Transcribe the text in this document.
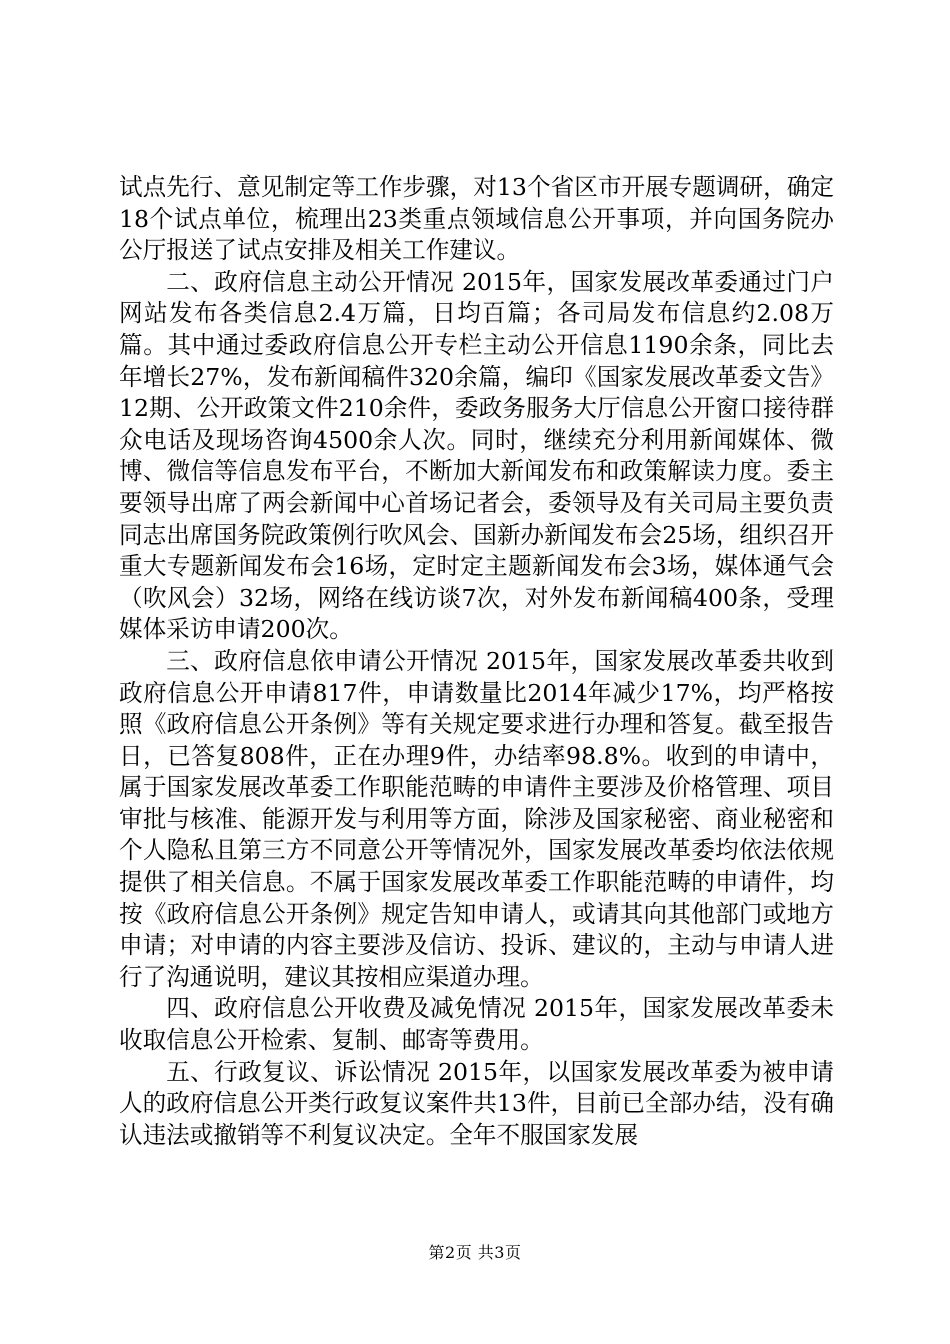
试点先行、意见制定等工作步骤，对13个省区市开展专题调研，确定18个试点单位，梳理出23类重点领域信息公开事项，并向国务院办公厅报送了试点安排及相关工作建议。

二、政府信息主动公开情况 2015年，国家发展改革委通过门户网站发布各类信息2.4万篇，日均百篇；各司局发布信息约2.08万篇。其中通过委政府信息公开专栏主动公开信息1190余条，同比去年增长27%，发布新闻稿件320余篇，编印《国家发展改革委文告》12期、公开政策文件210余件，委政务服务大厅信息公开窗口接待群众电话及现场咨询4500余人次。同时，继续充分利用新闻媒体、微博、微信等信息发布平台，不断加大新闻发布和政策解读力度。委主要领导出席了两会新闻中心首场记者会，委领导及有关司局主要负责同志出席国务院政策例行吹风会、国新办新闻发布会25场，组织召开重大专题新闻发布会16场，定时定主题新闻发布会3场，媒体通气会（吹风会）32场，网络在线访谈7次，对外发布新闻稿400条，受理媒体采访申请200次。

三、政府信息依申请公开情况 2015年，国家发展改革委共收到政府信息公开申请817件，申请数量比2014年减少17%，均严格按照《政府信息公开条例》等有关规定要求进行办理和答复。截至报告日，已答复808件，正在办理9件，办结率98.8%。收到的申请中，属于国家发展改革委工作职能范畴的申请件主要涉及价格管理、项目审批与核准、能源开发与利用等方面，除涉及国家秘密、商业秘密和个人隐私且第三方不同意公开等情况外，国家发展改革委均依法依规提供了相关信息。不属于国家发展改革委工作职能范畴的申请件，均按《政府信息公开条例》规定告知申请人，或请其向其他部门或地方申请；对申请的内容主要涉及信访、投诉、建议的，主动与申请人进行了沟通说明，建议其按相应渠道办理。

四、政府信息公开收费及减免情况 2015年，国家发展改革委未收取信息公开检索、复制、邮寄等费用。

五、行政复议、诉讼情况 2015年，以国家发展改革委为被申请人的政府信息公开类行政复议案件共13件，目前已全部办结，没有确认违法或撤销等不利复议决定。全年不服国家发展

第2页 共3页
